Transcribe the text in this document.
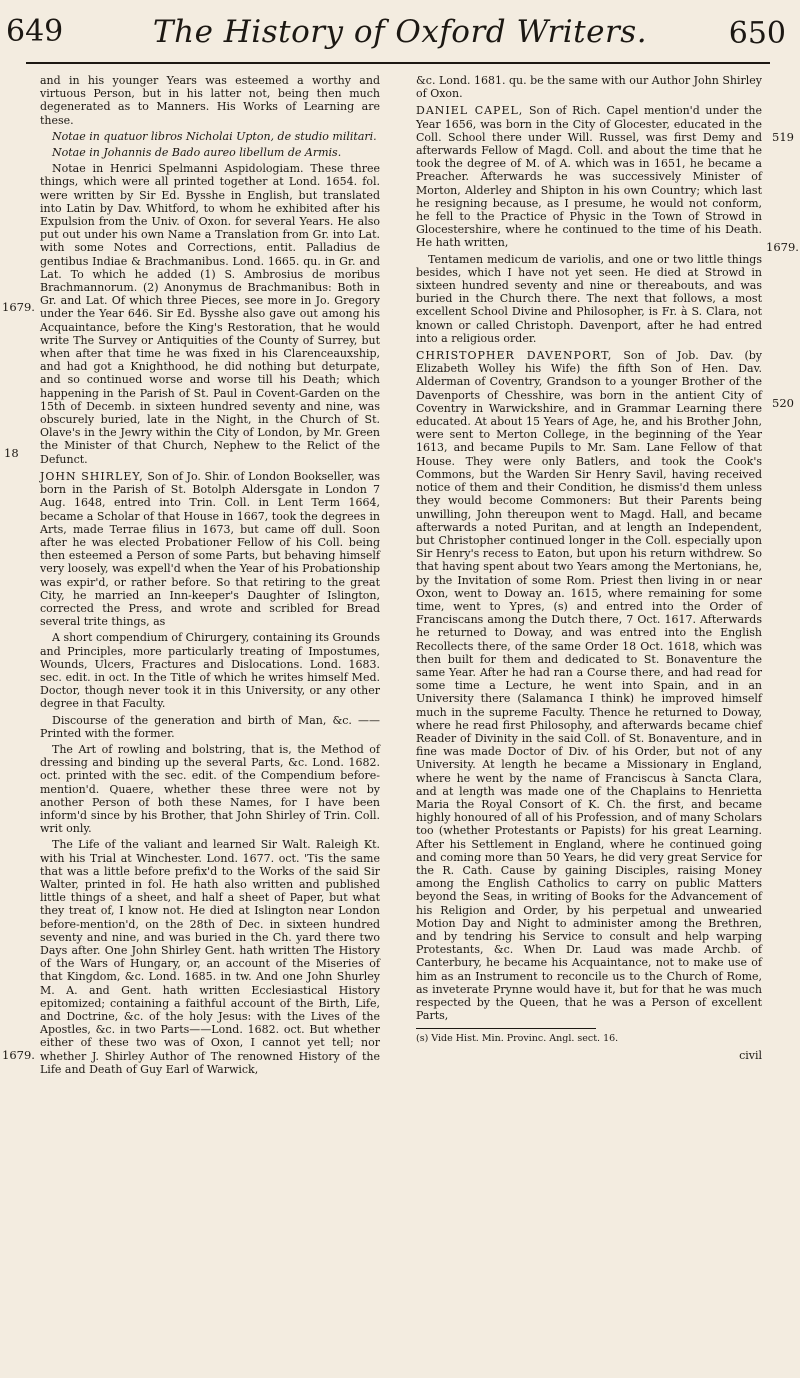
649	The History of Oxford Writers.	650
1679.
18
1679.
519
1679.
520

and in his younger Years was esteemed a worthy and virtuous Person, but in his latter not, being then much degenerated as to Manners. His Works of Learning are these.

Notae in quatuor libros Nicholai Upton, de studio militari.

Notae in Johannis de Bado aureo libellum de Armis.

Notae in Henrici Spelmanni Aspidologiam. These three things, which were all printed together at Lond. 1654. fol. were written by Sir Ed. Bysshe in English, but translated into Latin by Dav. Whitford, to whom he exhibited after his Expulsion from the Univ. of Oxon. for several Years. He also put out under his own Name a Translation from Gr. into Lat. with some Notes and Corrections, entit. Palladius de gentibus Indiae & Brachmanibus. Lond. 1665. qu. in Gr. and Lat. To which he added (1) S. Ambrosius de moribus Brachmannorum. (2) Anonymus de Brachmanibus: Both in Gr. and Lat. Of which three Pieces, see more in Jo. Gregory under the Year 646. Sir Ed. Bysshe also gave out among his Acquaintance, before the King's Restoration, that he would write The Survey or Antiquities of the County of Surrey, but when after that time he was fixed in his Clarenceauxship, and had got a Knighthood, he did nothing but deturpate, and so continued worse and worse till his Death; which happening in the Parish of St. Paul in Covent-Garden on the 15th of Decemb. in sixteen hundred seventy and nine, was obscurely buried, late in the Night, in the Church of St. Olave's in the Jewry within the City of London, by Mr. Green the Minister of that Church, Nephew to the Relict of the Defunct.

JOHN SHIRLEY, Son of Jo. Shir. of London Bookseller, was born in the Parish of St. Botolph Aldersgate in London 7 Aug. 1648, entred into Trin. Coll. in Lent Term 1664, became a Scholar of that House in 1667, took the degrees in Arts, made Terrae filius in 1673, but came off dull. Soon after he was elected Probationer Fellow of his Coll. being then esteemed a Person of some Parts, but behaving himself very loosely, was expell'd when the Year of his Probationship was expir'd, or rather before. So that retiring to the great City, he married an Inn-keeper's Daughter of Islington, corrected the Press, and wrote and scribled for Bread several trite things, as

A short compendium of Chirurgery, containing its Grounds and Principles, more particularly treating of Impostumes, Wounds, Ulcers, Fractures and Dislocations. Lond. 1683. sec. edit. in oct. In the Title of which he writes himself Med. Doctor, though never took it in this University, or any other degree in that Faculty.

Discourse of the generation and birth of Man, &c. ——Printed with the former.

The Art of rowling and bolstring, that is, the Method of dressing and binding up the several Parts, &c. Lond. 1682. oct. printed with the sec. edit. of the Compendium before-mention'd. Quaere, whether these three were not by another Person of both these Names, for I have been inform'd since by his Brother, that John Shirley of Trin. Coll. writ only.

The Life of the valiant and learned Sir Walt. Raleigh Kt. with his Trial at Winchester. Lond. 1677. oct. 'Tis the same that was a little before prefix'd to the Works of the said Sir Walter, printed in fol. He hath also written and published little things of a sheet, and half a sheet of Paper, but what they treat of, I know not. He died at Islington near London before-mention'd, on the 28th of Dec. in sixteen hundred seventy and nine, and was buried in the Ch. yard there two Days after. One John Shirley Gent. hath written The History of the Wars of Hungary, or, an account of the Miseries of that Kingdom, &c. Lond. 1685. in tw. And one John Shurley M. A. and Gent. hath written Ecclesiastical History epitomized; containing a faithful account of the Birth, Life, and Doctrine, &c. of the holy Jesus: with the Lives of the Apostles, &c. in two Parts——Lond. 1682. oct. But whether either of these two was of Oxon, I cannot yet tell; nor whether J. Shirley Author of The renowned History of the Life and Death of Guy Earl of Warwick,

&c. Lond. 1681. qu. be the same with our Author John Shirley of Oxon.

DANIEL CAPEL, Son of Rich. Capel mention'd under the Year 1656, was born in the City of Glocester, educated in the Coll. School there under Will. Russel, was first Demy and afterwards Fellow of Magd. Coll. and about the time that he took the degree of M. of A. which was in 1651, he became a Preacher. Afterwards he was successively Minister of Morton, Alderley and Shipton in his own Country; which last he resigning because, as I presume, he would not conform, he fell to the Practice of Physic in the Town of Strowd in Glocestershire, where he continued to the time of his Death. He hath written,

Tentamen medicum de variolis, and one or two little things besides, which I have not yet seen. He died at Strowd in sixteen hundred seventy and nine or thereabouts, and was buried in the Church there. The next that follows, a most excellent School Divine and Philosopher, is Fr. à S. Clara, not known or called Christoph. Davenport, after he had entred into a religious order.

CHRISTOPHER DAVENPORT, Son of Job. Dav. (by Elizabeth Wolley his Wife) the fifth Son of Hen. Dav. Alderman of Coventry, Grandson to a younger Brother of the Davenports of Chesshire, was born in the antient City of Coventry in Warwickshire, and in Grammar Learning there educated. At about 15 Years of Age, he, and his Brother John, were sent to Merton College, in the beginning of the Year 1613, and became Pupils to Mr. Sam. Lane Fellow of that House. They were only Batlers, and took the Cook's Commons, but the Warden Sir Henry Savil, having received notice of them and their Condition, he dismiss'd them unless they would become Commoners: But their Parents being unwilling, John thereupon went to Magd. Hall, and became afterwards a noted Puritan, and at length an Independent, but Christopher continued longer in the Coll. especially upon Sir Henry's recess to Eaton, but upon his return withdrew. So that having spent about two Years among the Mertonians, he, by the Invitation of some Rom. Priest then living in or near Oxon, went to Doway an. 1615, where remaining for some time, went to Ypres, (s) and entred into the Order of Franciscans among the Dutch there, 7 Oct. 1617. Afterwards he returned to Doway, and was entred into the English Recollects there, of the same Order 18 Oct. 1618, which was then built for them and dedicated to St. Bonaventure the same Year. After he had ran a Course there, and had read for some time a Lecture, he went into Spain, and in an University there (Salamanca I think) he improved himself much in the supreme Faculty. Thence he returned to Doway, where he read first Philosophy, and afterwards became chief Reader of Divinity in the said Coll. of St. Bonaventure, and in fine was made Doctor of Div. of his Order, but not of any University. At length he became a Missionary in England, where he went by the name of Franciscus à Sancta Clara, and at length was made one of the Chaplains to Henrietta Maria the Royal Consort of K. Ch. the first, and became highly honoured of all of his Profession, and of many Scholars too (whether Protestants or Papists) for his great Learning. After his Settlement in England, where he continued going and coming more than 50 Years, he did very great Service for the R. Cath. Cause by gaining Disciples, raising Money among the English Catholics to carry on public Matters beyond the Seas, in writing of Books for the Advancement of his Religion and Order, by his perpetual and unwearied Motion Day and Night to administer among the Brethren, and by tendring his Service to consult and help warping Protestants, &c. When Dr. Laud was made Archb. of Canterbury, he became his Acquaintance, not to make use of him as an Instrument to reconcile us to the Church of Rome, as inveterate Prynne would have it, but for that he was much respected by the Queen, that he was a Person of excellent Parts,

(s) Vide Hist. Min. Provinc. Angl. sect. 16.

civil
